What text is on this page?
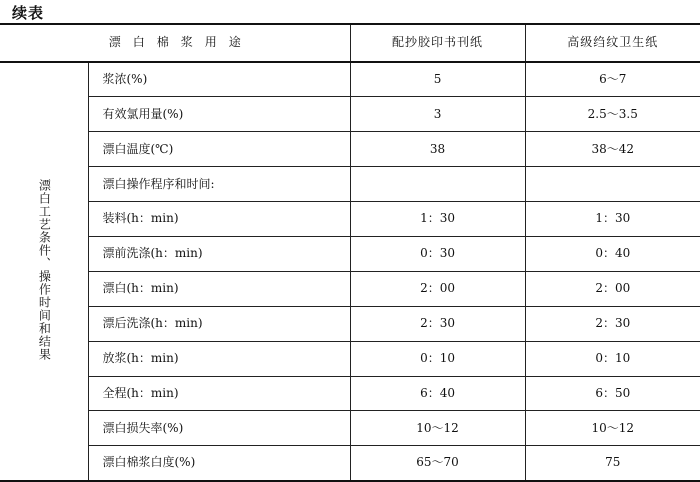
续表
漂白棉浆用途		配抄胶印书刊纸	高级绉纹卫生纸
漂白工艺条件、操作时间和结果	浆浓(%)	5	6～7
	有效氯用量(%)	3	2.5～3.5
	漂白温度(℃)	38	38～42
	漂白操作程序和时间:		
	装料(h：min)	1：30	1：30
	漂前洗涤(h：min)	0：30	0：40
	漂白(h：min)	2：00	2：00
	漂后洗涤(h：min)	2：30	2：30
	放浆(h：min)	0：10	0：10
	全程(h：min)	6：40	6：50
	漂白损失率(%)	10～12	10～12
	漂白棉浆白度(%)	65～70	75
